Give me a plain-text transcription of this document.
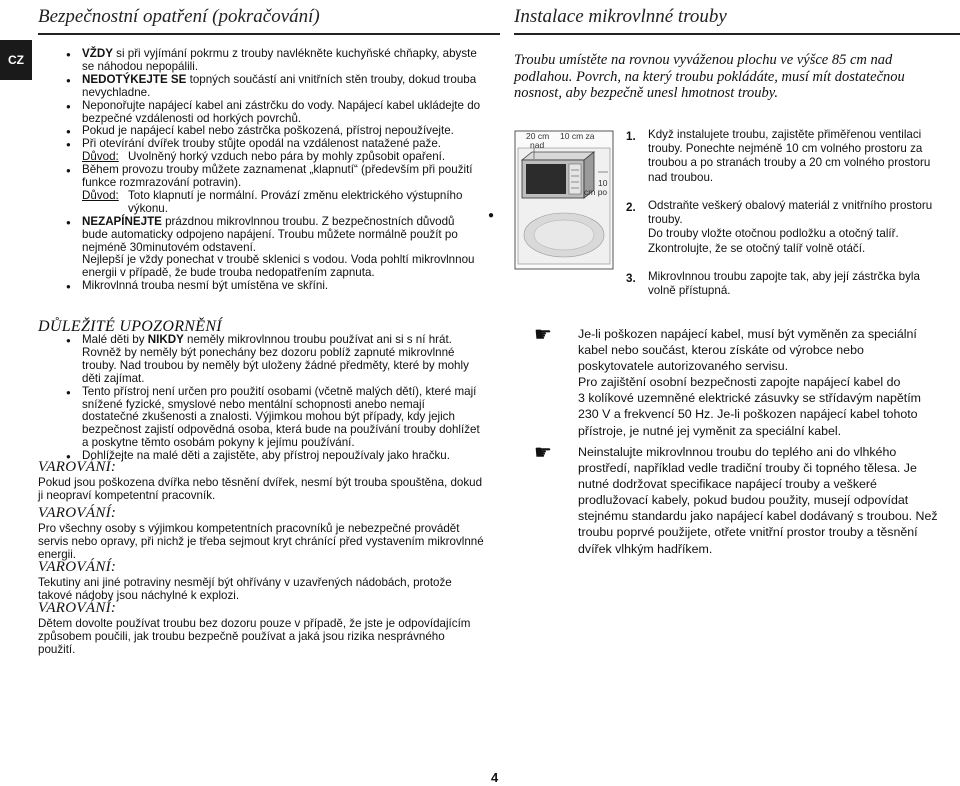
Bezpečnostní opatření (pokračování)	Instalace mikrovlnné trouby
CZ	● VŽDY si při vyjímání pokrmu z trouby navlékněte kuchyňské chňapky, abyste
se náhodou nepopálili.
● NEDOTÝKEJTE SE topných součástí ani vnitřních stěn trouby, dokud trouba
nevychladne.
● Neponořujte napájecí kabel ani zástrčku do vody. Napájecí kabel ukládejte do
bezpečné vzdálenosti od horkých povrchů.
● Pokud je napájecí kabel nebo zástrčka poškozená, přístroj nepoužívejte.
● Při otevírání dvířek trouby stůjte opodál na vzdálenost natažené paže.
Důvod: Uvolněný horký vzduch nebo pára by mohly způsobit opaření.
● Během provozu trouby můžete zaznamenat „klapnutí“ (především při použití
funkce rozmrazování potravin).
Důvod: Toto klapnutí je normální. Provází změnu elektrického výstupního
výkonu.
● NEZAPÍNEJTE prázdnou mikrovlnnou troubu. Z bezpečnostních důvodů
bude automaticky odpojeno napájení. Troubu můžete normálně použít po
nejméně 30minutovém odstavení.
Nejlepší je vždy ponechat v troubě sklenici s vodou. Voda pohltí mikrovlnnou
energii v případě, že bude trouba nedopatřením zapnuta.
● Mikrovlnná trouba nesmí být umístěna ve skříni.
DŮLEŽITÉ UPOZORNĚNÍ
● Malé děti by NIKDY neměly mikrovlnnou troubu používat ani si s ní hrát.
Rovněž by neměly být ponechány bez dozoru poblíž zapnuté mikrovlnné
trouby. Nad troubou by neměly být uloženy žádné předměty, které by mohly
děti zajímat.
● Tento přístroj není určen pro použití osobami (včetně malých dětí), které mají
snížené fyzické, smyslové nebo mentální schopnosti anebo nemají
dostatečné zkušenosti a znalosti. Výjimkou mohou být případy, kdy jejich
bezpečnost zajistí odpovědná osoba, která bude na používání trouby dohlížet
a poskytne těmto osobám pokyny k jejímu používání.
● Dohlížejte na malé děti a zajistěte, aby přístroj nepoužívaly jako hračku.
VAROVÁNÍ:
Pokud jsou poškozena dvířka nebo těsnění dvířek, nesmí být trouba spouštěna, dokud
ji neopraví kompetentní pracovník.
VAROVÁNÍ:
Pro všechny osoby s výjimkou kompetentních pracovníků je nebezpečné provádět
servis nebo opravy, při nichž je třeba sejmout kryt chránící před vystavením mikrovlnné
energii.
VAROVÁNÍ:
Tekutiny ani jiné potraviny nesmějí být ohřívány v uzavřených nádobách, protože
takové nádoby jsou náchylné k explozi.
VAROVÁNÍ:
Dětem dovolte používat troubu bez dozoru pouze v případě, že jste je odpovídajícím
způsobem poučili, jak troubu bezpečně používat a jaká jsou rizika nesprávného
použití.
Troubu umístěte na rovnou vyváženou plochu ve výšce 85 cm nad
podlahou. Povrch, na který troubu pokládáte, musí mít dostatečnou
nosnost, aby bezpečně unesl hmotnost trouby.
●
20 cm
nad
10 cm za
10
cm po
1. Když instalujete troubu, zajistěte přiměřenou ventilaci
trouby. Ponechte nejméně 10 cm volného prostoru za
troubou a po stranách trouby a 20 cm volného prostoru
nad troubou.
2. Odstraňte veškerý obalový materiál z vnitřního prostoru
trouby.
Do trouby vložte otočnou podložku a otočný talíř.
Zkontrolujte, že se otočný talíř volně otáčí.
3. Mikrovlnnou troubu zapojte tak, aby její zástrčka byla
volně přístupná.
☛ Je-li poškozen napájecí kabel, musí být vyměněn za speciální
kabel nebo součást, kterou získáte od výrobce nebo
poskytovatele autorizovaného servisu.
Pro zajištění osobní bezpečnosti zapojte napájecí kabel do
3 kolíkové uzemněné elektrické zásuvky se střídavým napětím
230 V a frekvencí 50 Hz. Je-li poškozen napájecí kabel tohoto
přístroje, je nutné jej vyměnit za speciální kabel.
☛ Neinstalujte mikrovlnnou troubu do teplého ani do vlhkého
prostředí, například vedle tradiční trouby či topného tělesa. Je
nutné dodržovat specifikace napájecí trouby a veškeré
prodlužovací kabely, pokud budou použity, musejí odpovídat
stejnému standardu jako napájecí kabel dodávaný s troubou. Než
troubu poprvé použijete, otřete vnitřní prostor trouby a těsnění
dvířek vlhkým hadříkem.
4
